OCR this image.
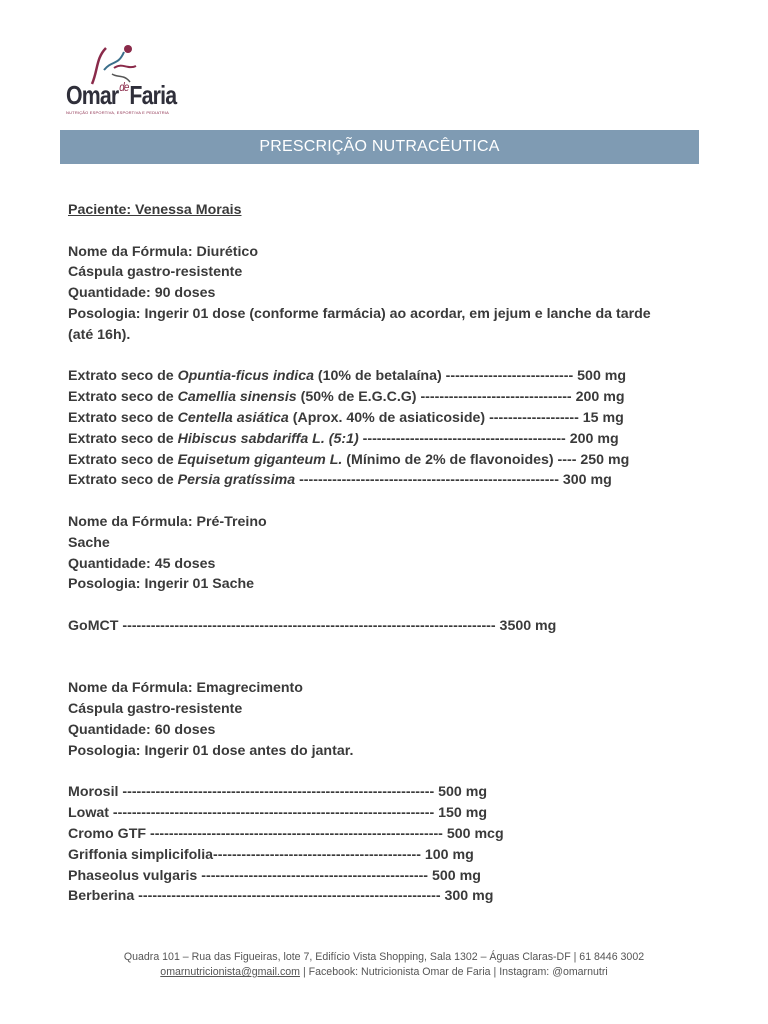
Omar$^{de}$Faria
NUTRIÇÃO ESPORTIVA, ESPORTIVA E PEDIATRIA
PRESCRIÇÃO NUTRACÊUTICA
Paciente: Venessa Morais
Nome da Fórmula: Diurético
Cáspula gastro-resistente
Quantidade: 90 doses
Posologia: Ingerir 01 dose (conforme farmácia) ao acordar, em jejum e lanche da tarde (até 16h).
Extrato seco de Opuntia-ficus indica (10% de betalaína) --------------------------- 500 mg
Extrato seco de Camellia sinensis (50% de E.G.C.G) -------------------------------- 200 mg
Extrato seco de Centella asiática (Aprox. 40% de asiaticoside) ------------------- 15 mg
Extrato seco de Hibiscus sabdariffa L. (5:1) ------------------------------------------- 200 mg
Extrato seco de Equisetum giganteum L. (Mínimo de 2% de flavonoides) ---- 250 mg
Extrato seco de Persia gratíssima ------------------------------------------------------- 300 mg
Nome da Fórmula: Pré-Treino
Sache
Quantidade: 45 doses
Posologia: Ingerir 01 Sache
GoMCT ------------------------------------------------------------------------------- 3500 mg
Nome da Fórmula: Emagrecimento
Cáspula gastro-resistente
Quantidade: 60 doses
Posologia: Ingerir 01 dose antes do jantar.
Morosil ------------------------------------------------------------------ 500 mg
Lowat -------------------------------------------------------------------- 150 mg
Cromo GTF -------------------------------------------------------------- 500 mcg
Griffonia simplicifolia-------------------------------------------- 100 mg
Phaseolus vulgaris ------------------------------------------------ 500 mg
Berberina ---------------------------------------------------------------- 300 mg
Quadra 101 – Rua das Figueiras, lote 7, Edifício Vista Shopping, Sala 1302 – Águas Claras-DF | 61 8446 3002
omarnutricionista@gmail.com | Facebook: Nutricionista Omar de Faria | Instagram: @omarnutri
